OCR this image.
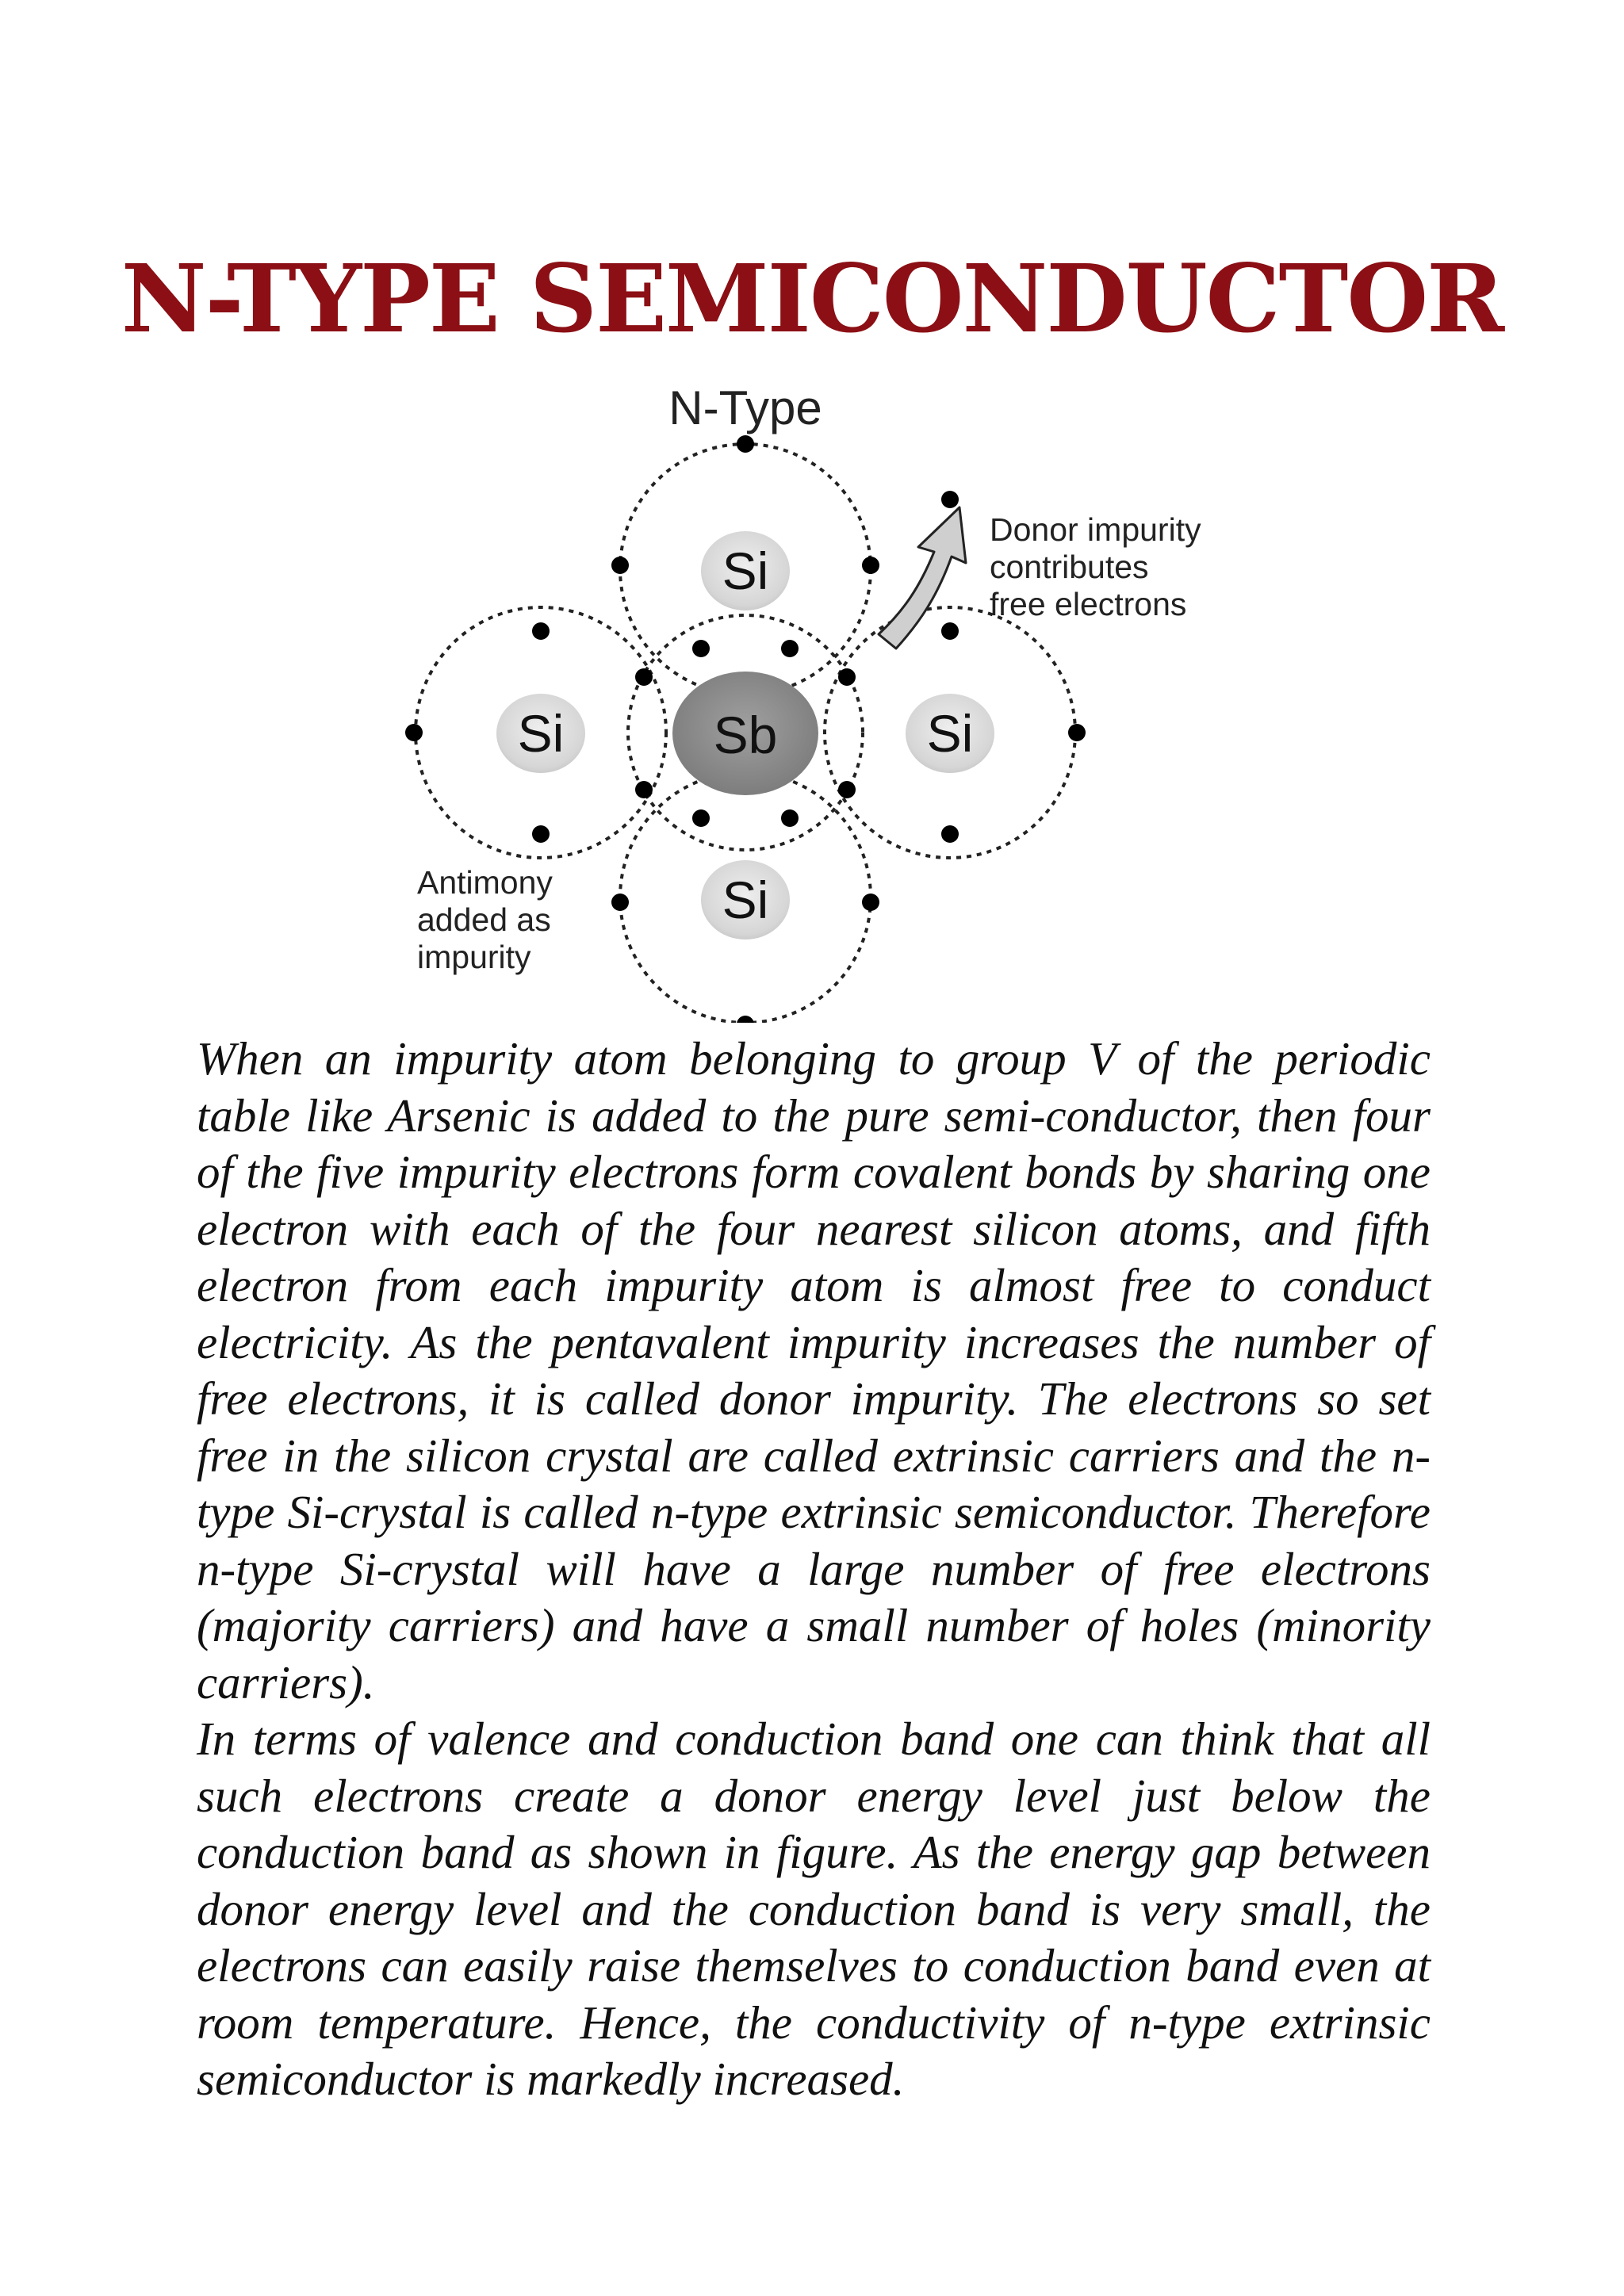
N-TYPE SEMICONDUCTOR
N-Type
Si
Si	Sb	Si
Si
Donor impurity
contributes
free electrons
Antimony
added as
impurity

When an impurity atom belonging to group V of the periodic table like Arsenic is added to the pure semi-conductor, then four of the five impurity electrons form covalent bonds by sharing one electron with each of the four nearest silicon atoms, and fifth electron from each impurity atom is almost free to conduct electricity. As the pentavalent impurity increases the number of free electrons, it is called donor impurity. The electrons so set free in the silicon crystal are called extrinsic carriers and the n-type Si-crystal is called n-type extrinsic semiconductor. Therefore n-type Si-crystal will have a large number of free electrons (majority carriers) and have a small number of holes (minority carriers).

In terms of valence and conduction band one can think that all such electrons create a donor energy level just below the conduction band as shown in figure. As the energy gap between donor energy level and the conduction band is very small, the electrons can easily raise themselves to conduction band even at room temperature. Hence, the conductivity of n-type extrinsic semiconductor is markedly increased.
